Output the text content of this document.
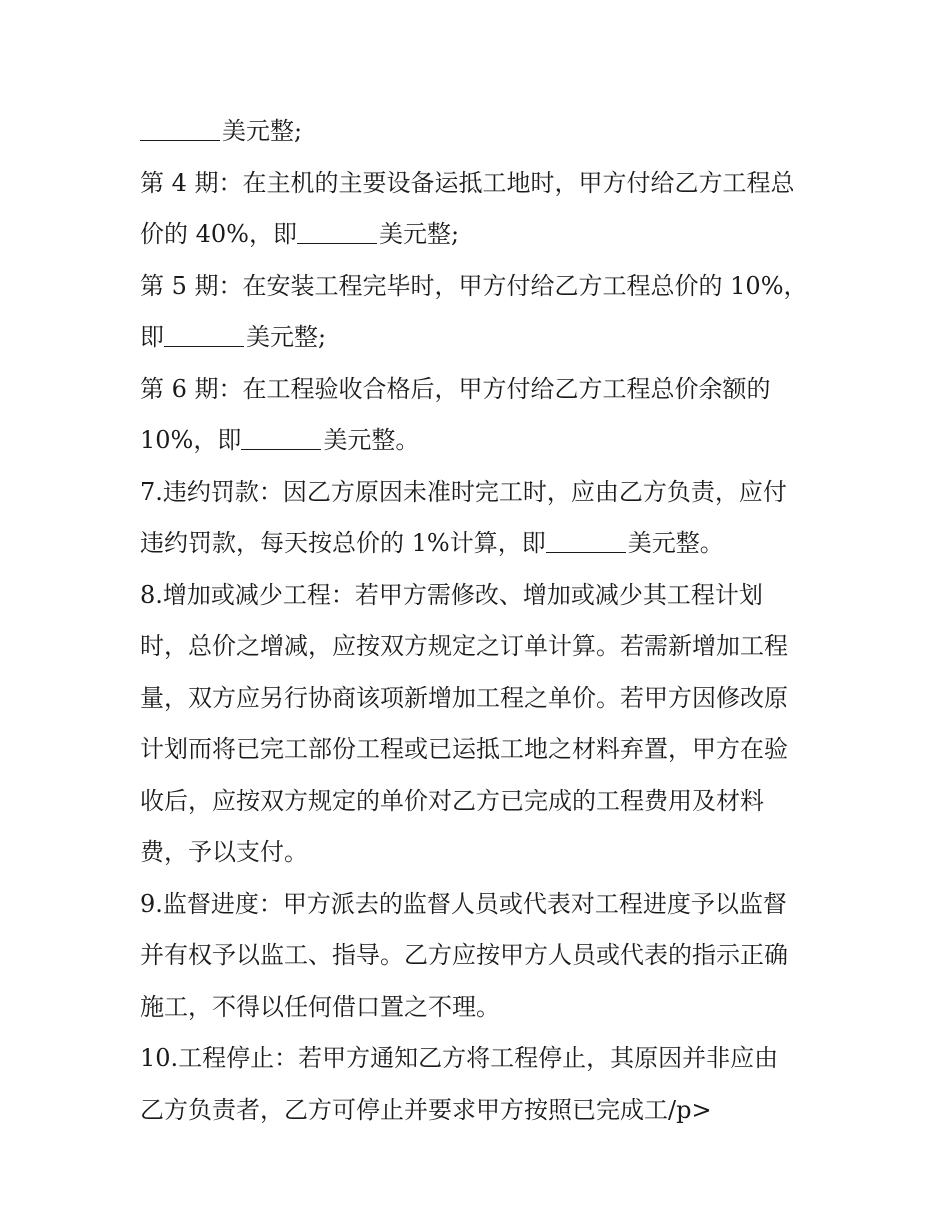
美元整;
第 4 期：在主机的主要设备运抵工地时，甲方付给乙方工程总
价的 40%，即	美元整;
第 5 期：在安装工程完毕时，甲方付给乙方工程总价的 10%，
即	美元整;
第 6 期：在工程验收合格后，甲方付给乙方工程总价余额的
10%，即	美元整。
7.违约罚款：因乙方原因未准时完工时，应由乙方负责，应付
违约罚款，每天按总价的 1%计算，即	美元整。
8.增加或减少工程：若甲方需修改、增加或减少其工程计划
时，总价之增减，应按双方规定之订单计算。若需新增加工程
量，双方应另行协商该项新增加工程之单价。若甲方因修改原
计划而将已完工部份工程或已运抵工地之材料弃置，甲方在验
收后，应按双方规定的单价对乙方已完成的工程费用及材料
费，予以支付。
9.监督进度：甲方派去的监督人员或代表对工程进度予以监督
并有权予以监工、指导。乙方应按甲方人员或代表的指示正确
施工，不得以任何借口置之不理。
10.工程停止：若甲方通知乙方将工程停止，其原因并非应由
乙方负责者，乙方可停止并要求甲方按照已完成工/p>
